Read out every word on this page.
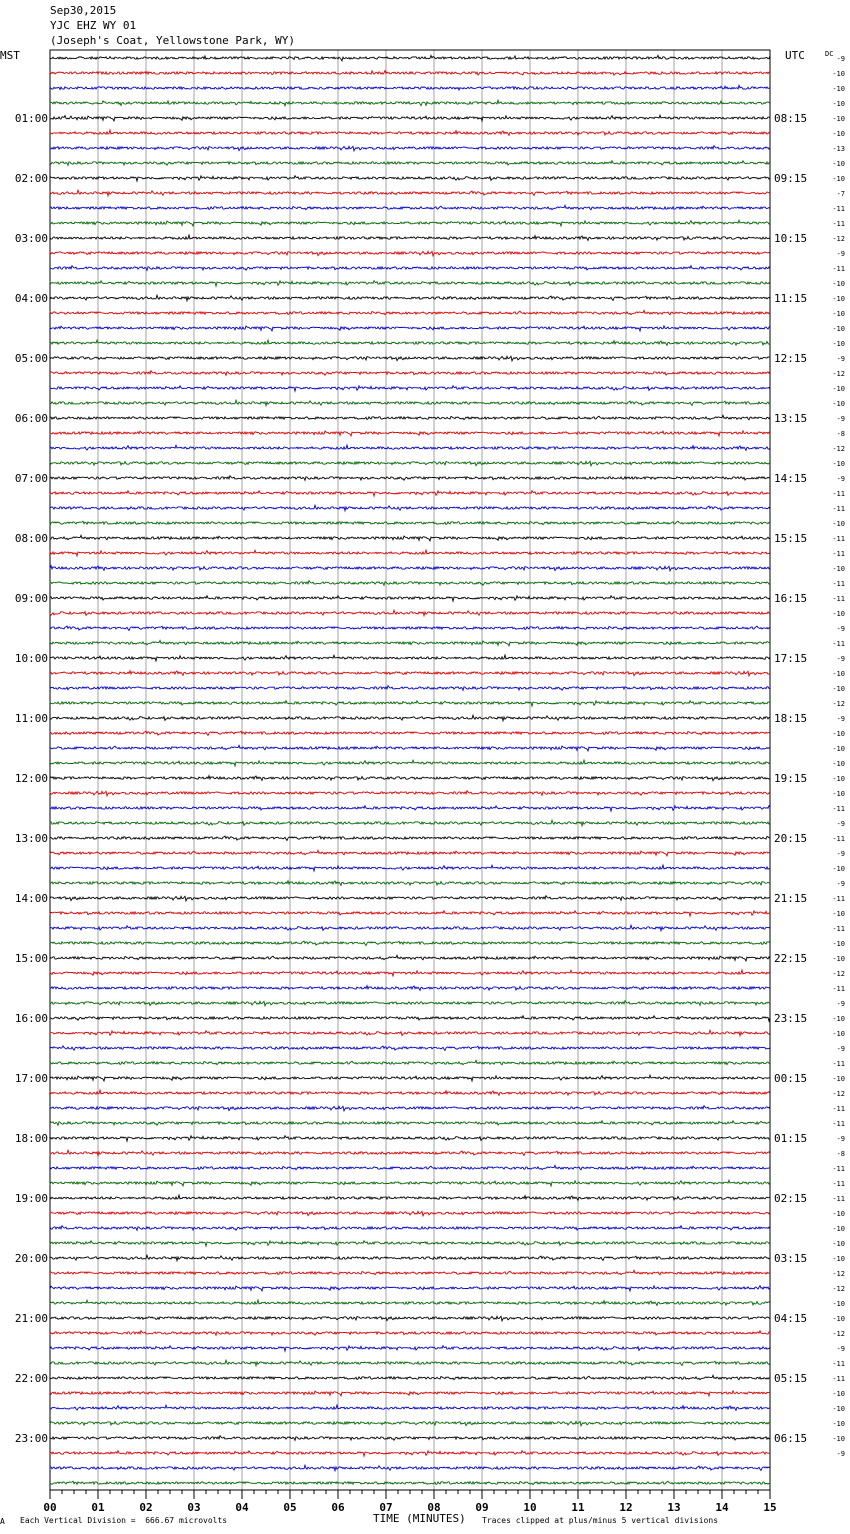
Sep30,2015
YJC EHZ WY 01
(Joseph's Coat, Yellowstone Park, WY)
MST	UTC	-9
-10
-10
-10
01:00	08:15	-10
-10
-13
-10
02:00	09:15	-10
-7
-11
-11
03:00	10:15	-12
-9
-11
-10
04:00	11:15	-10
-10
-10
-10
05:00	12:15	-9
-12
-10
-10
06:00	13:15	-9
-8
-12
-10
07:00	14:15	-9
-11
-11
-10
08:00	15:15	-11
-11
-10
-11
09:00	16:15	-11
-10
-9
-11
10:00	17:15	-9
-10
-10
-12
11:00	18:15	-9
-10
-10
-10
12:00	19:15	-10
-10
-11
-9
13:00	20:15	-11
-9
-10
-9
14:00	21:15	-11
-10
-11
-10
15:00	22:15	-10
-12
-11
-9
16:00	23:15	-10
-10
-9
-11
17:00	00:15	-10
-12
-11
-11
18:00	01:15	-9
-8
-11
-11
19:00	02:15	-11
-10
-10
-10
20:00	03:15	-10
-12
-12
-10
21:00	04:15	-10
-12
-9
-11
22:00	05:15	-11
-10
-10
-10
23:00	06:15	-10
-9
DC
00	01	02	03	04	05	06	07	08	09	10	11	12	13	14	15
TIME (MINUTES)
A Each Vertical Division =  666.67 microvolts	Traces clipped at plus/minus 5 vertical divisions
